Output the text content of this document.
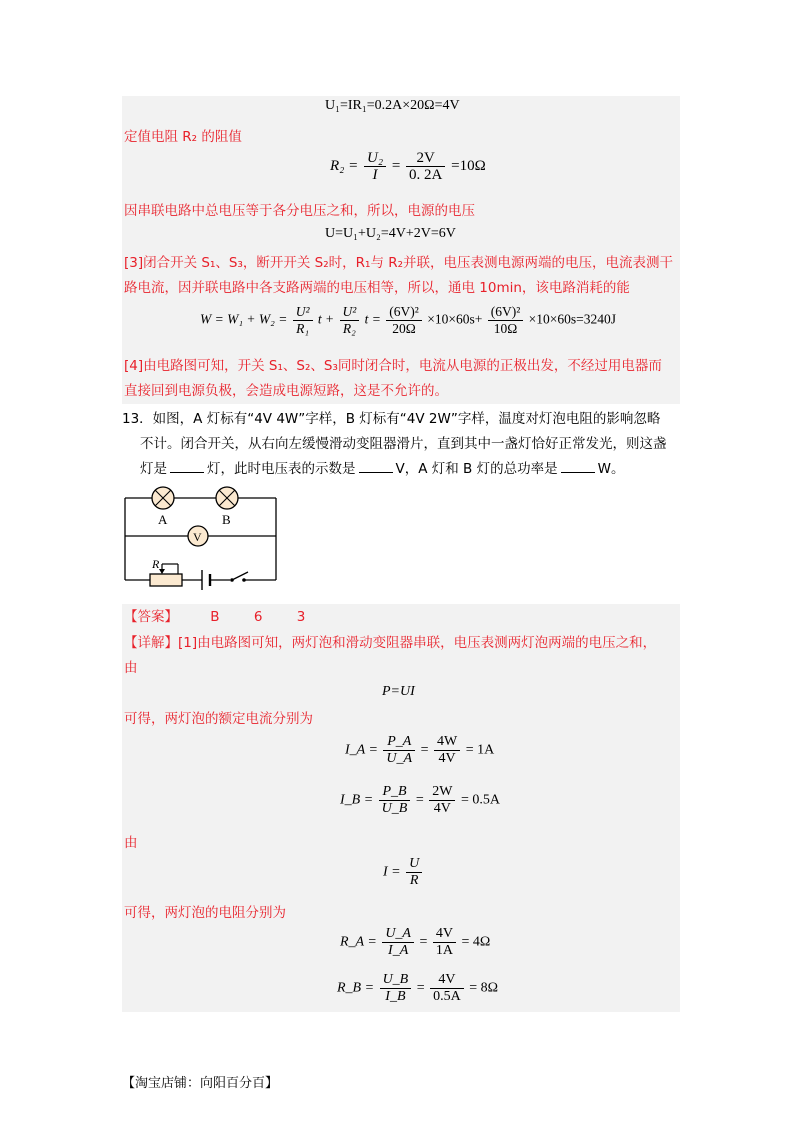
U₁=IR₁=0.2A×20Ω=4V
定值电阻 R₂ 的阻值
$R_2 = \frac{\text{U₂}}{I} = \frac{2V}{0. 2A} =10\Omega$
因串联电路中总电压等于各分电压之和，所以，电源的电压
U=U₁+U₂=4V+2V=6V
[3]闭合开关 S₁、S₃，断开开关 S₂时，R₁与 R₂并联，电压表测电源两端的电压，电流表测干
路电流，因并联电路中各支路两端的电压相等，所以，通电 10min，该电路消耗的能
$W = W_1 + W_2 = \frac{\text{U²}}{\text{R₁}}$ $t + \frac{\text{U²}}{\text{R₂}}$ $t = \frac{\text{(6V)²}}{20\Omega} \times 10\times 60s+ \frac{\text{(6V)²}}{10\Omega} \times 10\times 60s=3240J$
[4]由电路图可知，开关 S₁、S₂、S₃同时闭合时，电流从电源的正极出发，不经过用电器而
直接回到电源负极，会造成电源短路，这是不允许的。
13．如图，A 灯标有“4V 4W”字样，B 灯标有“4V 2W”字样，温度对灯泡电阻的影响忽略
不计。闭合开关，从右向左缓慢滑动变阻器滑片，直到其中一盏灯恰好正常发光，则这盏
灯是	灯，此时电压表的示数是	V，A 灯和 B 灯的总功率是	W。
A	B
V
R
【答案】 B	6	3
【详解】[1]由电路图可知，两灯泡和滑动变阻器串联，电压表测两灯泡两端的电压之和，
由
P=UI
可得，两灯泡的额定电流分别为
I_A = $\frac{P\_A}{U\_A} = \frac{4W}{4V} = 1A$
I_B = $\frac{P\_B}{U\_B} = \frac{2W}{4V} = 0.5A$
由
$I = \frac{U}{R}$
可得，两灯泡的电阻分别为
R_A = $\frac{U\_A}{I\_A} = \frac{4V}{1A} = 4\Omega$
R_B = $\frac{U\_B}{I\_B} = \frac{4V}{0.5A} = 8\Omega$
【淘宝店铺：向阳百分百】
